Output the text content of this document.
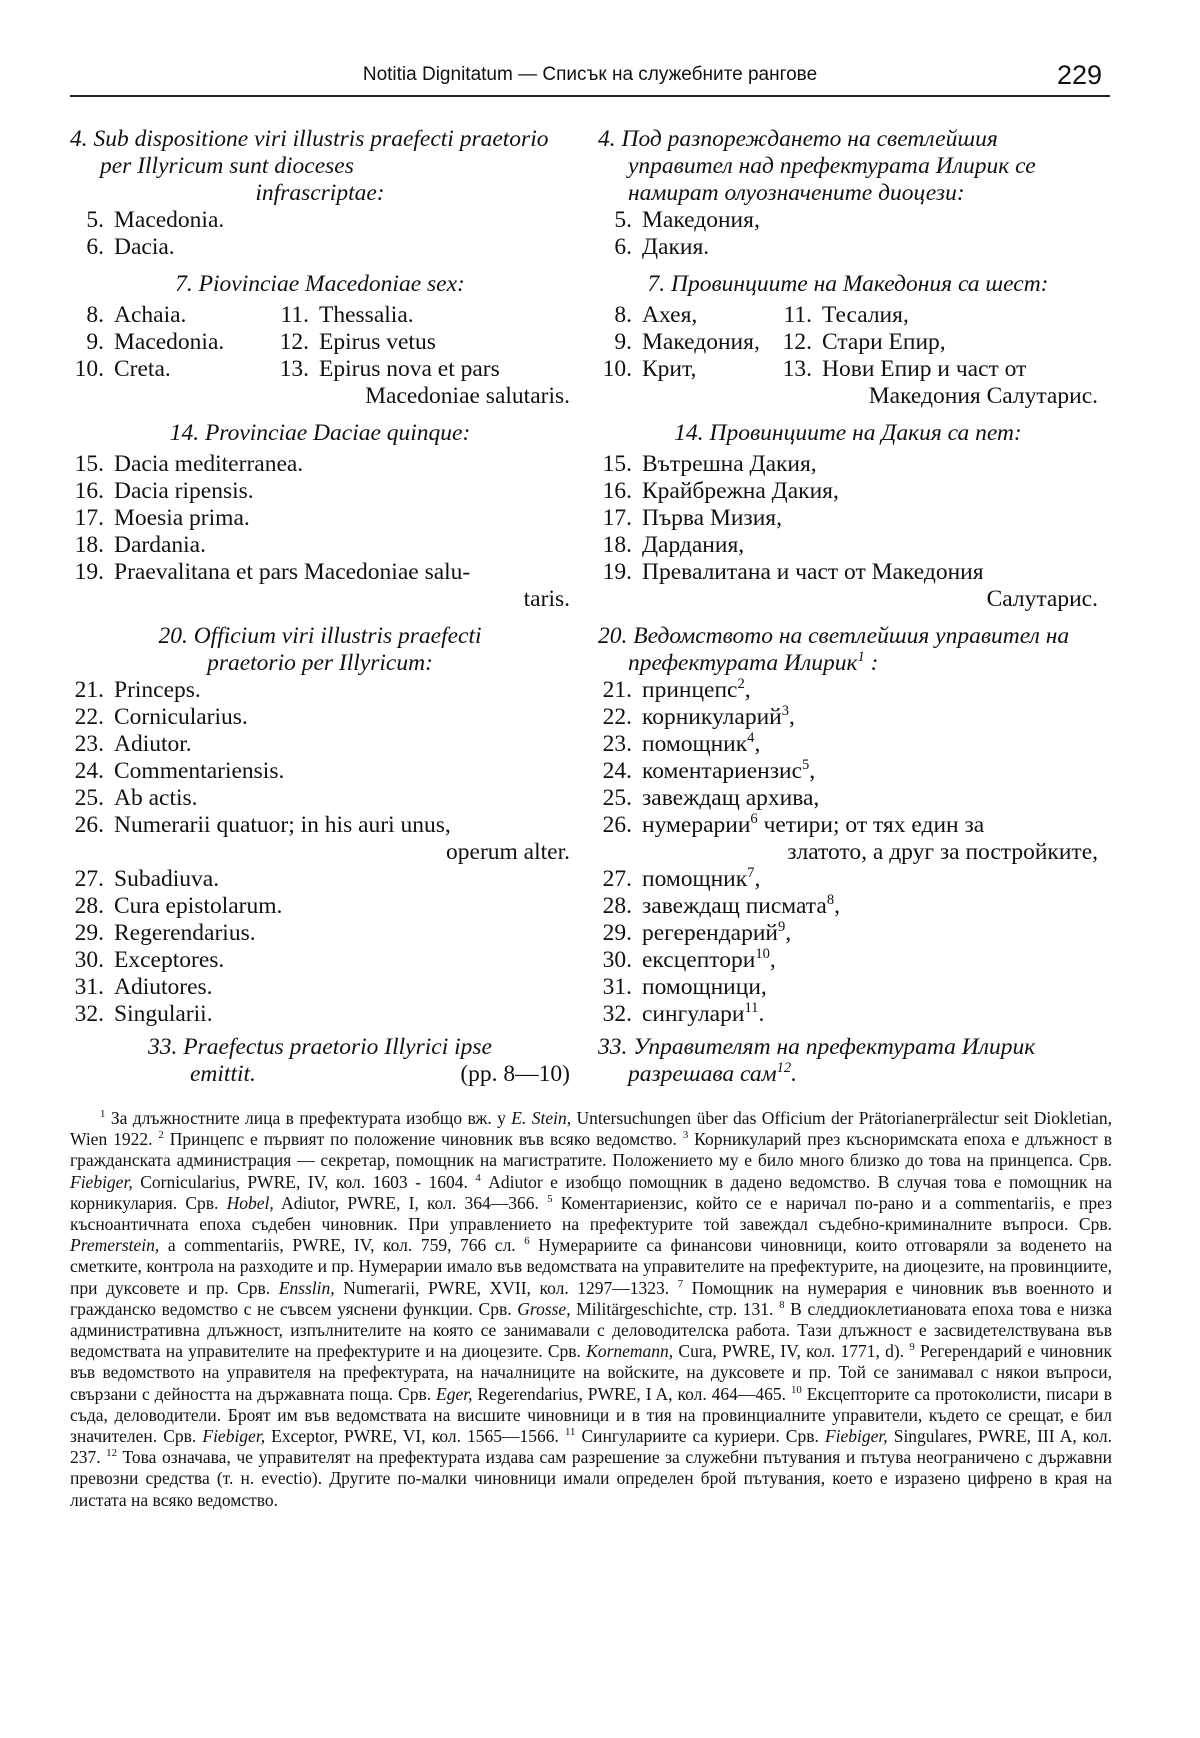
Notitia Dignitatum — Списък на служебните рангове	229

4. Sub dispositione viri illustris praefecti praetorio per Illyricum sunt dioceses
infrascriptae:

5. Macedonia.
6. Dacia.

7. Piovinciae Macedoniae sex:

8. Achaia.	11. Thessalia.
9. Macedonia.	12. Epirus vetus
10. Creta.	13. Epirus nova et pars
Macedoniae salutaris.

14. Provinciae Daciae quinque:

15. Dacia mediterranea.
16. Dacia ripensis.
17. Moesia prima.
18. Dardania.
19. Praevalitana et pars Macedoniae salu-
taris.

20. Officium viri illustris praefecti
praetorio per Illyricum:

21. Princeps.
22. Cornicularius.
23. Adiutor.
24. Commentariensis.
25. Ab actis.
26. Numerarii quatuor; in his auri unus,
operum alter.
27. Subadiuva.
28. Cura epistolarum.
29. Regerendarius.
30. Exceptores.
31. Adiutores.
32. Singularii.

33. Praefectus praetorio Illyrici ipse

emittit.	(pp. 8—10)

4. Под разпореждането на светлейшия управител над префектурата Илирик се намират олуозначените диоцези:

5. Македония,
6. Дакия.

7. Провинциите на Македония са шест:

8. Ахея,	11. Тесалия,
9. Македония, 12. Стари Епир,
10. Крит,	13. Нови Епир и част от
Македония Салутарис.

14. Провинциите на Дакия са пет:

15. Вътрешна Дакия,
16. Крайбрежна Дакия,
17. Първа Мизия,
18. Дардания,
19. Превалитана и част от Македония
Салутарис.

20. Ведомството на светлейшия управител на префектурата Илирик$^1$ :

21. принцепс$^2$,
22. корникуларий$^3$,
23. помощник$^4$,
24. коментариензис$^5$,
25. завеждащ архива,
26. нумерарии$^6$ четири; от тях един за
златото, а друг за постройките,
27. помощник$^7$,
28. завеждащ писмата$^8$,
29. регерендарий$^9$,
30. ексцептори$^{10}$,
31. помощници,
32. сингулари$^{11}$.

33. Управителят на префектурата Илирик разрешава сам$^{12}$.

$^1$ За длъжностните лица в префектурата изобщо вж. у E. Stein, Untersuchungen über das Officium der Prätorianerprälectur seit Diokletian, Wien 1922. $^2$ Принцепс е първият по положение чиновник във всяко ведомство. $^3$ Корникуларий през къснoримската епоха е длъжност в гражданската администрация — секретар, помощник на магистратите. Положението му е било много близко до това на принцепса. Срв. Fiebiger, Cornicularius, PWRE, IV, кол. 1603 - 1604. $^4$ Adiutor е изобщо помощник в дадено ведомство. В случая това е помощник на корникулария. Срв. Hobel, Adiutor, PWRE, I, кол. 364—366. $^5$ Коментариензис, който се е наричал по-рано и а commentariis, е през къснoантичната епоха съдебен чиновник. При управлението на префектурите той завеждал съдебно-криминалните въпроси. Срв. Premerstein, a commentariis, PWRE, IV, кол. 759, 766 сл. $^6$ Нумерариите са финансови чиновници, които отговаряли за воденето на сметките, контрола на разходите и пр. Нумерарии имало във ведомствата на управителите на префектурите, на диоцезите, на провинциите, при дуксовете и пр. Срв. Ensslin, Numerarii, PWRE, XVII, кол. 1297—1323. $^7$ Помощник на нумерария е чиновник във военното и гражданско ведомство с не съвсем уяснени функции. Срв. Grosse, Militärgeschichte, стр. 131. $^8$ В следдиоклетиановата епоха това е низка административна длъжност, изпълнителите на която се занимавали с деловодителска работа. Тази длъжност е засвидетелствувана във ведомствата на управителите на префектурите и на диоцезите. Срв. Kornemann, Cura, PWRE, IV, кол. 1771, d). $^9$ Регерендарий е чиновник във ведомството на управителя на префектурата, на началниците на войските, на дуксовете и пр. Той се занимавал с някои въпроси, свързани с дейността на държавната поща. Срв. Eger, Regerendarius, PWRE, I A, кол. 464—465. $^{10}$ Ексцепторите са протоколисти, писари в съда, деловодители. Броят им във ведомствата на висшите чиновници и в тия на провинциалните управители, където се срещат, е бил значителен. Срв. Fiebiger, Exceptor, PWRE, VI, кол. 1565—1566. $^{11}$ Сингулариите са куриери. Срв. Fiebiger, Singulares, PWRE, III A, кол. 237. $^{12}$ Това означава, че управителят на префектурата издава сам разрешение за служебни пътувания и пътува неограничено с държавни превозни средства (т. н. evectio). Другите по-малки чиновници имали определен брой пътувания, което е изразено цифрено в края на листата на всяко ведомство.
